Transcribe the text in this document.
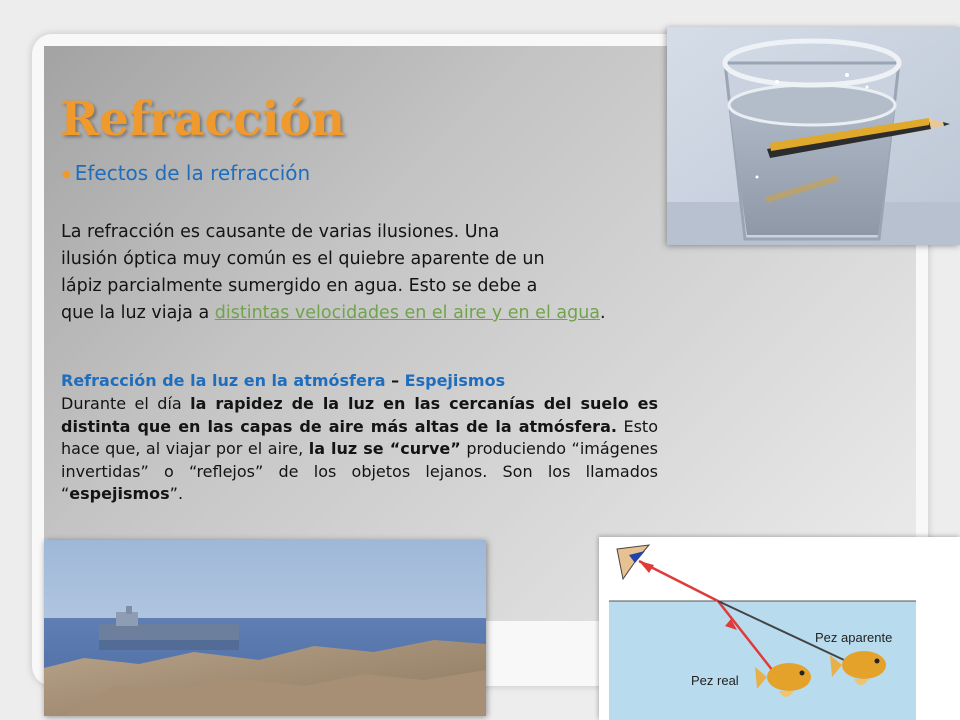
Refracción
● Efectos de la refracción

La refracción es causante de varias ilusiones. Una
ilusión óptica muy común es el quiebre aparente de un
lápiz parcialmente sumergido en agua. Esto se debe a
que la luz viaja a distintas velocidades en el aire y en el agua.

Refracción de la luz en la atmósfera – Espejismos

Durante el día la rapidez de la luz en las cercanías del suelo es distinta que en las capas de aire más altas de la atmósfera. Esto hace que, al viajar por el aire, la luz se “curve” produciendo “imágenes invertidas” o “reflejos” de los objetos lejanos. Son los llamados “espejismos”.

Pez aparente
Pez real
